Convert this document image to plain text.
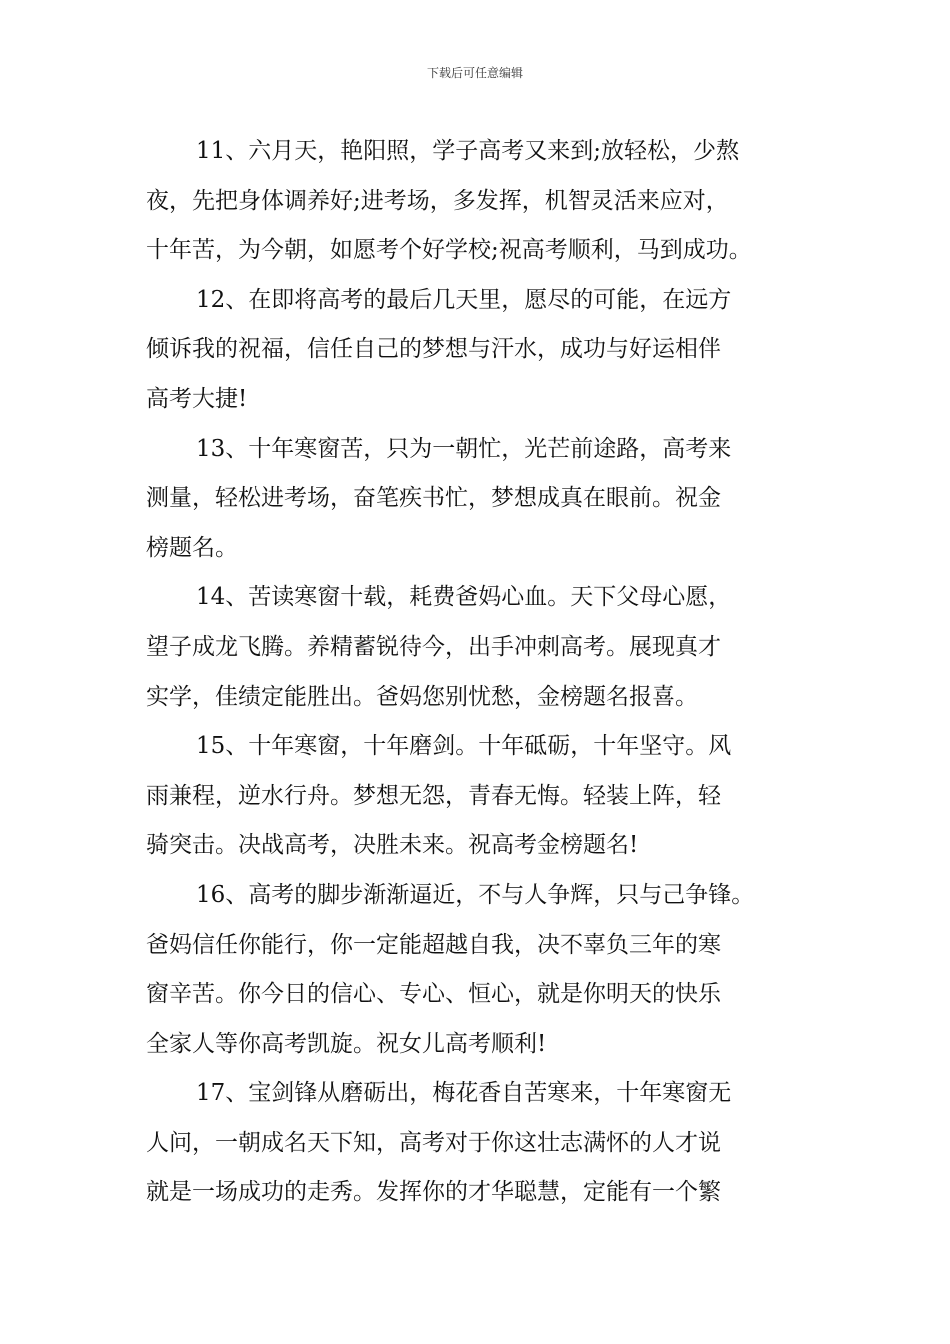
下载后可任意编辑
11、六月天，艳阳照，学子高考又来到;放轻松，少熬
夜，先把身体调养好;进考场，多发挥，机智灵活来应对，
十年苦，为今朝，如愿考个好学校;祝高考顺利，马到成功。
12、在即将高考的最后几天里，愿尽的可能，在远方
倾诉我的祝福，信任自己的梦想与汗水，成功与好运相伴
高考大捷!
13、十年寒窗苦，只为一朝忙，光芒前途路，高考来
测量，轻松进考场，奋笔疾书忙，梦想成真在眼前。祝金
榜题名。
14、苦读寒窗十载，耗费爸妈心血。天下父母心愿，
望子成龙飞腾。养精蓄锐待今，出手冲刺高考。展现真才
实学，佳绩定能胜出。爸妈您别忧愁，金榜题名报喜。
15、十年寒窗，十年磨剑。十年砥砺，十年坚守。风
雨兼程，逆水行舟。梦想无怨，青春无悔。轻装上阵，轻
骑突击。决战高考，决胜未来。祝高考金榜题名!
16、高考的脚步渐渐逼近，不与人争辉，只与己争锋。
爸妈信任你能行，你一定能超越自我，决不辜负三年的寒
窗辛苦。你今日的信心、专心、恒心，就是你明天的快乐
全家人等你高考凯旋。祝女儿高考顺利!
17、宝剑锋从磨砺出，梅花香自苦寒来，十年寒窗无
人问，一朝成名天下知，高考对于你这壮志满怀的人才说
就是一场成功的走秀。发挥你的才华聪慧，定能有一个繁
